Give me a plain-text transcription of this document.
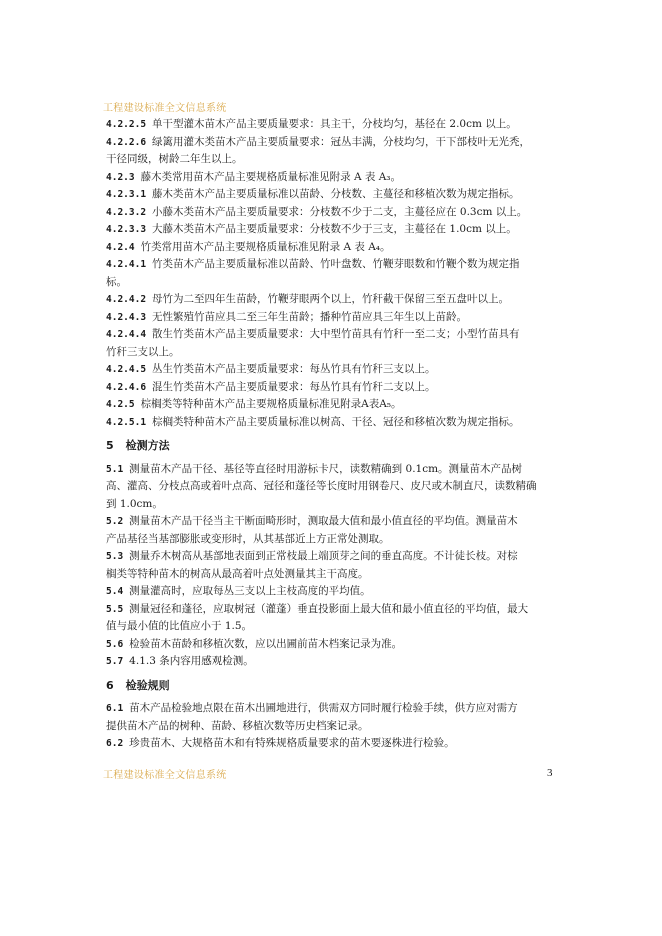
工程建设标准全文信息系统
4.2.2.5 单干型灌木苗木产品主要质量要求：具主干，分枝均匀，基径在 2.0cm 以上。
4.2.2.6 绿篱用灌木类苗木产品主要质量要求：冠丛丰满，分枝均匀，干下部枝叶无光秃，
干径同级，树龄二年生以上。
4.2.3 藤木类常用苗木产品主要规格质量标准见附录 A 表 A₃。
4.2.3.1 藤木类苗木产品主要质量标准以苗龄、分枝数、主蔓径和移植次数为规定指标。
4.2.3.2 小藤木类苗木产品主要质量要求：分枝数不少于二支，主蔓径应在 0.3cm 以上。
4.2.3.3 大藤木类苗木产品主要质量要求：分枝数不少于三支，主蔓径在 1.0cm 以上。
4.2.4 竹类常用苗木产品主要规格质量标准见附录 A 表 A₄。
4.2.4.1 竹类苗木产品主要质量标准以苗龄、竹叶盘数、竹鞭芽眼数和竹鞭个数为规定指
标。
4.2.4.2 母竹为二至四年生苗龄，竹鞭芽眼两个以上，竹秆截干保留三至五盘叶以上。
4.2.4.3 无性繁殖竹苗应具二至三年生苗龄；播种竹苗应具三年生以上苗龄。
4.2.4.4 散生竹类苗木产品主要质量要求：大中型竹苗具有竹秆一至二支；小型竹苗具有
竹秆三支以上。
4.2.4.5 丛生竹类苗木产品主要质量要求：每丛竹具有竹秆三支以上。
4.2.4.6 混生竹类苗木产品主要质量要求：每丛竹具有竹秆二支以上。
4.2.5 棕榈类等特种苗木产品主要规格质量标准见附录A表A₅。
4.2.5.1 棕榈类特种苗木产品主要质量标准以树高、干径、冠径和移植次数为规定指标。
5 检测方法
5.1 测量苗木产品干径、基径等直径时用游标卡尺，读数精确到 0.1cm。测量苗木产品树
高、灌高、分枝点高或着叶点高、冠径和蓬径等长度时用钢卷尺、皮尺或木制直尺，读数精确
到 1.0cm。
5.2 测量苗木产品干径当主干断面畸形时，测取最大值和最小值直径的平均值。测量苗木
产品基径当基部膨胀或变形时，从其基部近上方正常处测取。
5.3 测量乔木树高从基部地表面到正常枝最上端顶芽之间的垂直高度。不计徒长枝。对棕
榈类等特种苗木的树高从最高着叶点处测量其主干高度。
5.4 测量灌高时，应取每丛三支以上主枝高度的平均值。
5.5 测量冠径和蓬径，应取树冠（灌蓬）垂直投影面上最大值和最小值直径的平均值，最大
值与最小值的比值应小于 1.5。
5.6 检验苗木苗龄和移植次数，应以出圃前苗木档案记录为准。
5.7 4.1.3 条内容用感观检测。
6 检验规则
6.1 苗木产品检验地点限在苗木出圃地进行，供需双方同时履行检验手续，供方应对需方
提供苗木产品的树种、苗龄、移植次数等历史档案记录。
6.2 珍贵苗木、大规格苗木和有特殊规格质量要求的苗木要逐株进行检验。
工程建设标准全文信息系统	3
